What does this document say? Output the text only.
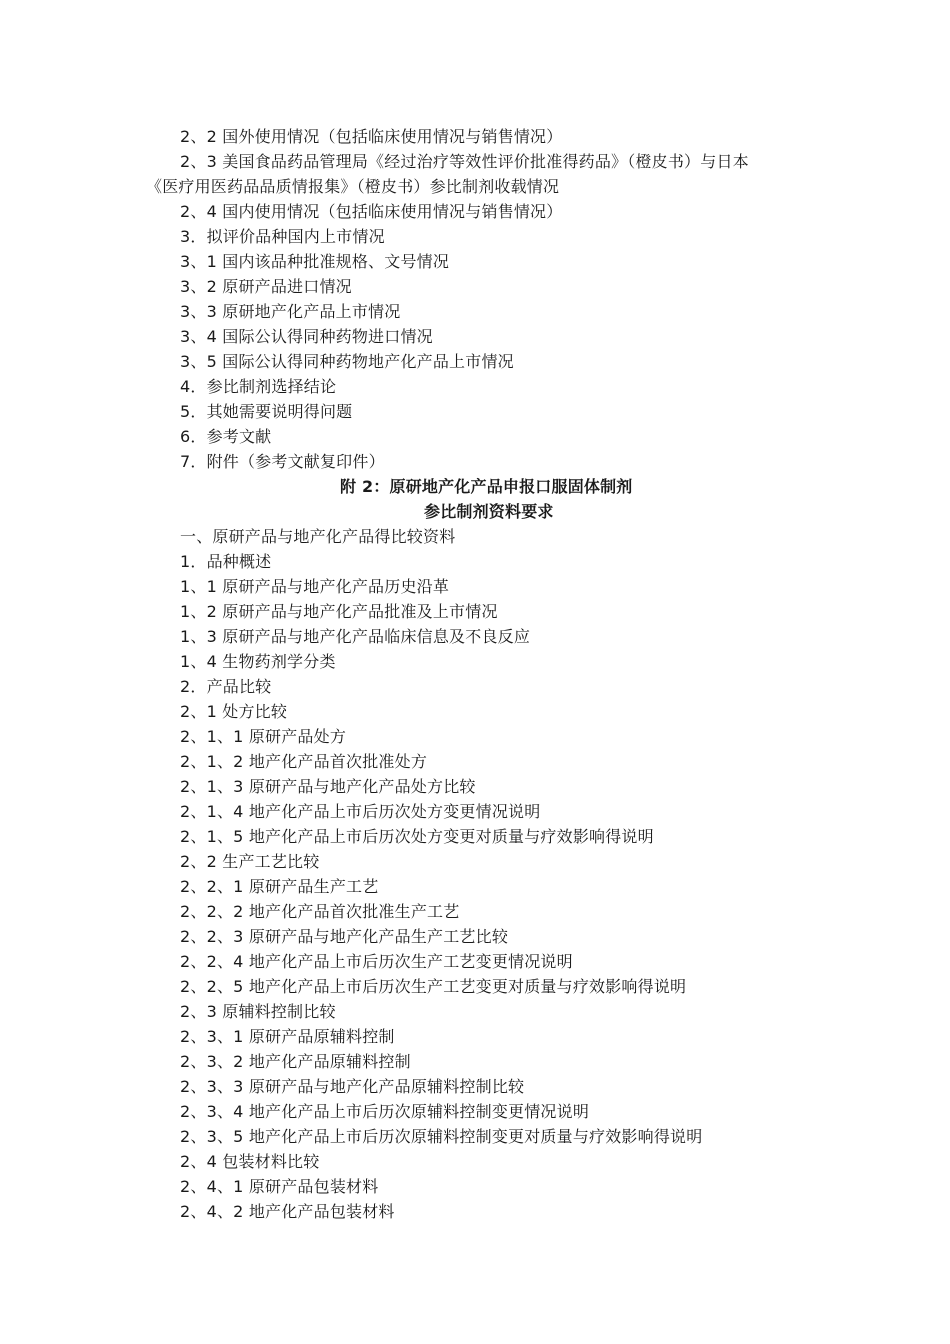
2、2 国外使用情况（包括临床使用情况与销售情况）
2、3 美国食品药品管理局《经过治疗等效性评价批准得药品》（橙皮书）与日本
《医疗用医药品品质情报集》（橙皮书）参比制剂收载情况
2、4 国内使用情况（包括临床使用情况与销售情况）
3．拟评价品种国内上市情况
3、1 国内该品种批准规格、文号情况
3、2 原研产品进口情况
3、3 原研地产化产品上市情况
3、4 国际公认得同种药物进口情况
3、5 国际公认得同种药物地产化产品上市情况
4．参比制剂选择结论
5．其她需要说明得问题
6．参考文献
7．附件（参考文献复印件）
附 2：原研地产化产品申报口服固体制剂
参比制剂资料要求
一、原研产品与地产化产品得比较资料
1．品种概述
1、1 原研产品与地产化产品历史沿革
1、2 原研产品与地产化产品批准及上市情况
1、3 原研产品与地产化产品临床信息及不良反应
1、4 生物药剂学分类
2．产品比较
2、1 处方比较
2、1、1 原研产品处方
2、1、2 地产化产品首次批准处方
2、1、3 原研产品与地产化产品处方比较
2、1、4 地产化产品上市后历次处方变更情况说明
2、1、5 地产化产品上市后历次处方变更对质量与疗效影响得说明
2、2 生产工艺比较
2、2、1 原研产品生产工艺
2、2、2 地产化产品首次批准生产工艺
2、2、3 原研产品与地产化产品生产工艺比较
2、2、4 地产化产品上市后历次生产工艺变更情况说明
2、2、5 地产化产品上市后历次生产工艺变更对质量与疗效影响得说明
2、3 原辅料控制比较
2、3、1 原研产品原辅料控制
2、3、2 地产化产品原辅料控制
2、3、3 原研产品与地产化产品原辅料控制比较
2、3、4 地产化产品上市后历次原辅料控制变更情况说明
2、3、5 地产化产品上市后历次原辅料控制变更对质量与疗效影响得说明
2、4 包装材料比较
2、4、1 原研产品包装材料
2、4、2 地产化产品包装材料
